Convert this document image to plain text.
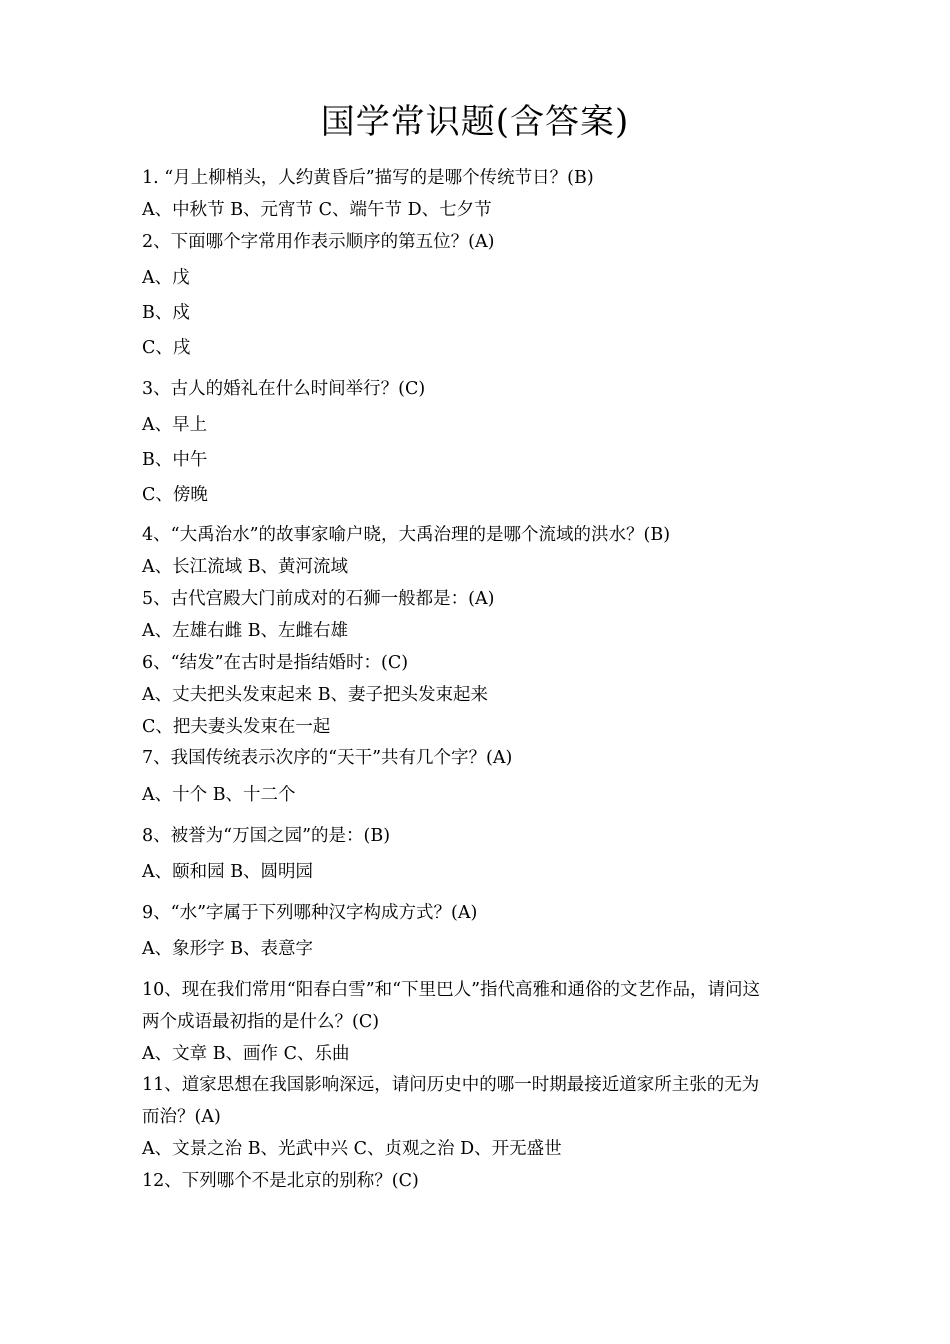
国学常识题(含答案)
1. “月上柳梢头，人约黄昏后”描写的是哪个传统节日？(B)
A、中秋节 B、元宵节 C、端午节 D、七夕节
2、下面哪个字常用作表示顺序的第五位？(A)
A、戊
B、戍
C、戌
3、古人的婚礼在什么时间举行？(C)
A、早上
B、中午
C、傍晚
4、“大禹治水”的故事家喻户晓，大禹治理的是哪个流域的洪水？(B)
A、长江流域 B、黄河流域
5、古代宫殿大门前成对的石狮一般都是：(A)
A、左雄右雌 B、左雌右雄
6、“结发”在古时是指结婚时：(C)
A、丈夫把头发束起来 B、妻子把头发束起来
C、把夫妻头发束在一起
7、我国传统表示次序的“天干”共有几个字？(A)
A、十个 B、十二个
8、被誉为“万国之园”的是：(B)
A、颐和园 B、圆明园
9、“水”字属于下列哪种汉字构成方式？(A)
A、象形字 B、表意字
10、现在我们常用“阳春白雪”和“下里巴人”指代高雅和通俗的文艺作品，请问这
两个成语最初指的是什么？(C)
A、文章 B、画作 C、乐曲
11、道家思想在我国影响深远，请问历史中的哪一时期最接近道家所主张的无为
而治？(A)
A、文景之治 B、光武中兴 C、贞观之治 D、开无盛世
12、下列哪个不是北京的别称？(C)
